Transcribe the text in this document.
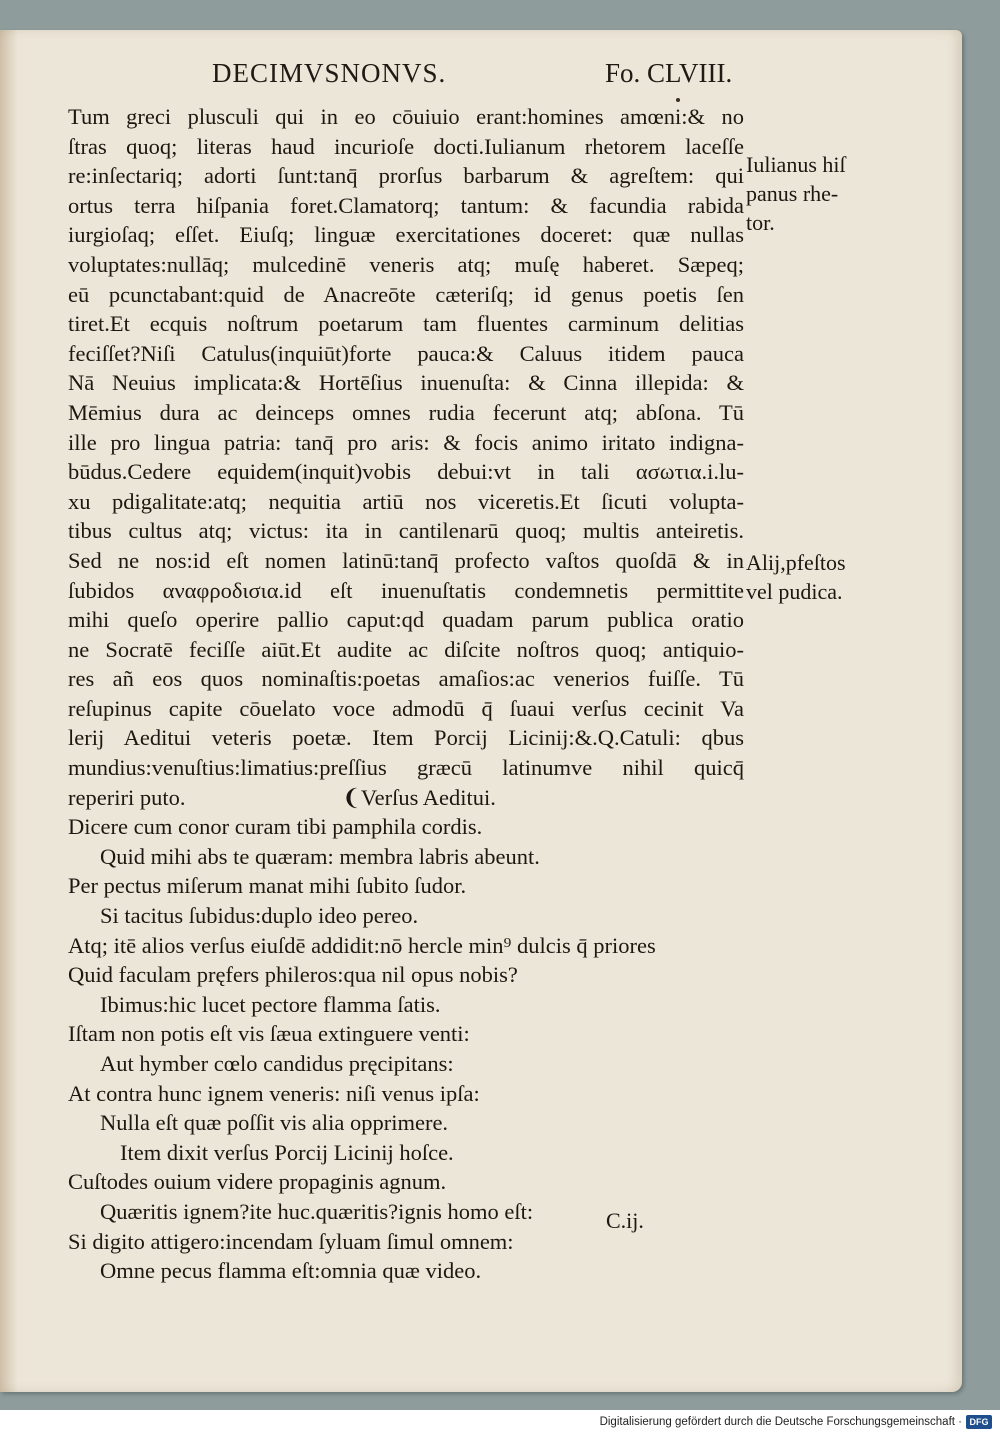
DECIMVSNONVS.	Fo. CLVIII.
Tum greci plusculi qui in eo cōuiuio erant:homines amœni:& no
ſtras quoq; literas haud incurioſe docti.Iulianum rhetorem laceſſe
re:inſectariq; adorti ſunt:tanq̄ prorſus barbarum & agreſtem: qui
ortus terra hiſpania foret.Clamatorq; tantum: & facundia rabida
iurgioſaq; eſſet. Eiuſq; linguæ exercitationes doceret: quæ nullas
voluptates:nullāq; mulcedinē veneris atq; muſę haberet. Sæpeq;
eū pcunctabant:quid de Anacreōte cæteriſq; id genus poetis ſen
tiret.Et ecquis noſtrum poetarum tam fluentes carminum delitias
feciſſet?Niſi Catulus(inquiūt)forte pauca:& Caluus itidem pauca
Nā Neuius implicata:& Hortēſius inuenuſta: & Cinna illepida: &
Mēmius dura ac deinceps omnes rudia fecerunt atq; abſona. Tū
ille pro lingua patria: tanq̄ pro aris: & focis animo iritato indigna-
būdus.Cedere equidem(inquit)vobis debui:vt in tali ασωτια.i.lu-
xu pdigalitate:atq; nequitia artiū nos viceretis.Et ſicuti volupta-
tibus cultus atq; victus: ita in cantilenarū quoq; multis anteiretis.
Sed ne nos:id eſt nomen latinū:tanq̄ profecto vaſtos quoſdā & in
ſubidos αναφροδισια.id eſt inuenuſtatis condemnetis permittite
mihi queſo operire pallio caput:qd quadam parum publica oratio
ne Socratē feciſſe aiūt.Et audite ac diſcite noſtros quoq; antiquio-
res añ eos quos nominaſtis:poetas amaſios:ac venerios fuiſſe. Tū
reſupinus capite cōuelato voce admodū q̄ ſuaui verſus cecinit Va
lerij Aeditui veteris poetæ. Item Porcij Licinij:&.Q.Catuli: qbus
mundius:venuſtius:limatius:preſſius græcū latinumve nihil quicq̄
reperiri puto.	❨Verſus Aeditui.
Dicere cum conor curam tibi pamphila cordis.
Quid mihi abs te quæram: membra labris abeunt.
Per pectus miſerum manat mihi ſubito ſudor.
Si tacitus ſubidus:duplo ideo pereo.
Atq; itē alios verſus eiuſdē addidit:nō hercle min⁹ dulcis q̄ priores
Quid faculam pręfers phileros:qua nil opus nobis?
Ibimus:hic lucet pectore flamma ſatis.
Iſtam non potis eſt vis ſæua extinguere venti:
Aut hymber cœlo candidus pręcipitans:
At contra hunc ignem veneris: niſi venus ipſa:
Nulla eſt quæ poſſit vis alia opprimere.
Item dixit verſus Porcij Licinij hoſce.
Cuſtodes ouium videre propaginis agnum.
Quæritis ignem?ite huc.quæritis?ignis homo eſt:
Si digito attigero:incendam ſyluam ſimul omnem:
Omne pecus flamma eſt:omnia quæ video.
Iulianus hiſ
panus rhe-
tor.
Alij,pfeſtos
vel pudica.
C.ij.
Digitalisierung gefördert durch die Deutsche Forschungsgemeinschaft · DFG
